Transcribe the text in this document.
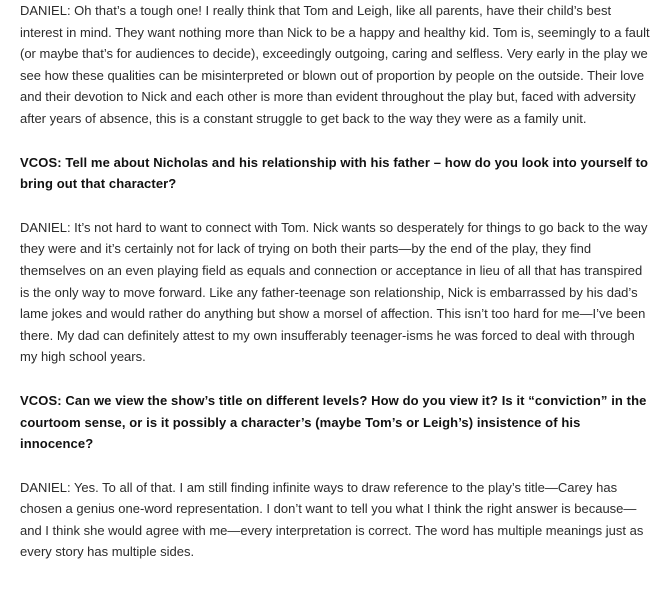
DANIEL: Oh that’s a tough one! I really think that Tom and Leigh, like all parents, have their child’s best interest in mind. They want nothing more than Nick to be a happy and healthy kid. Tom is, seemingly to a fault (or maybe that’s for audiences to decide), exceedingly outgoing, caring and selfless. Very early in the play we see how these qualities can be misinterpreted or blown out of proportion by people on the outside. Their love and their devotion to Nick and each other is more than evident throughout the play but, faced with adversity after years of absence, this is a constant struggle to get back to the way they were as a family unit.

VCOS: Tell me about Nicholas and his relationship with his father – how do you look into yourself to bring out that character?

DANIEL: It’s not hard to want to connect with Tom. Nick wants so desperately for things to go back to the way they were and it’s certainly not for lack of trying on both their parts—by the end of the play, they find themselves on an even playing field as equals and connection or acceptance in lieu of all that has transpired is the only way to move forward. Like any father-teenage son relationship, Nick is embarrassed by his dad’s lame jokes and would rather do anything but show a morsel of affection. This isn’t too hard for me—I’ve been there. My dad can definitely attest to my own insufferably teenager-isms he was forced to deal with through my high school years.

VCOS: Can we view the show’s title on different levels? How do you view it? Is it “conviction” in the courtoom sense, or is it possibly a character’s (maybe Tom’s or Leigh’s) insistence of his innocence?

DANIEL: Yes. To all of that. I am still finding infinite ways to draw reference to the play’s title—Carey has chosen a genius one-word representation. I don’t want to tell you what I think the right answer is because—and I think she would agree with me—every interpretation is correct. The word has multiple meanings just as every story has multiple sides.
